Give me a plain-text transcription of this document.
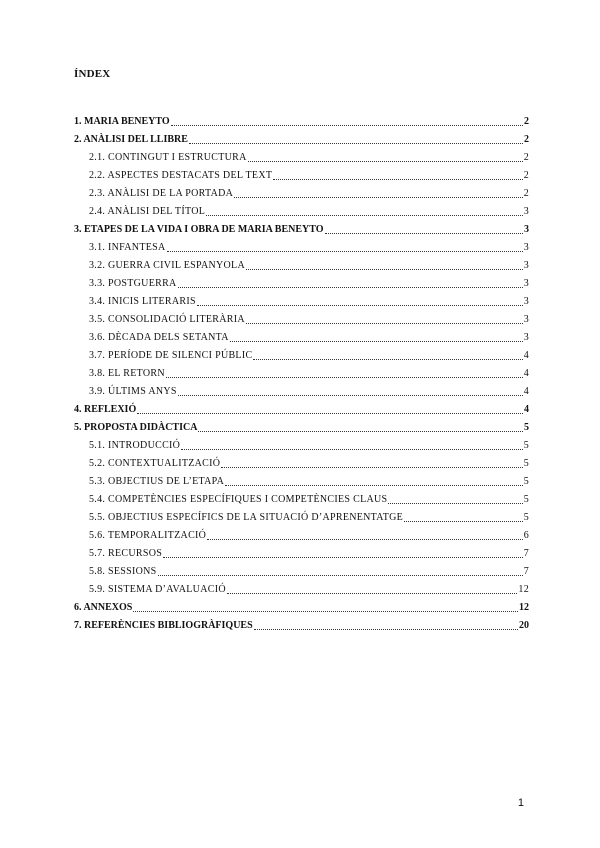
ÍNDEX
1. MARIA BENEYTO	2
2. ANÀLISI DEL LLIBRE	2
2.1. CONTINGUT I ESTRUCTURA	2
2.2. ASPECTES DESTACATS DEL TEXT	2
2.3. ANÀLISI DE LA PORTADA	2
2.4. ANÀLISI DEL TÍTOL	3
3. ETAPES DE LA VIDA I OBRA DE MARIA BENEYTO	3
3.1. INFANTESA	3
3.2. GUERRA CIVIL ESPANYOLA	3
3.3. POSTGUERRA	3
3.4. INICIS LITERARIS	3
3.5. CONSOLIDACIÓ LITERÀRIA	3
3.6. DÈCADA DELS SETANTA	3
3.7. PERÍODE DE SILENCI PÚBLIC	4
3.8. EL RETORN	4
3.9. ÚLTIMS ANYS	4
4. REFLEXIÓ	4
5. PROPOSTA DIDÀCTICA	5
5.1. INTRODUCCIÓ	5
5.2. CONTEXTUALITZACIÓ	5
5.3. OBJECTIUS DE L’ETAPA	5
5.4. COMPETÈNCIES ESPECÍFIQUES I COMPETÈNCIES CLAUS	5
5.5. OBJECTIUS ESPECÍFICS DE LA SITUACIÓ D’APRENENTATGE	5
5.6. TEMPORALITZACIÓ	6
5.7. RECURSOS	7
5.8. SESSIONS	7
5.9. SISTEMA D’AVALUACIÓ	12
6. ANNEXOS	12
7. REFERÈNCIES BIBLIOGRÀFIQUES	20
1
